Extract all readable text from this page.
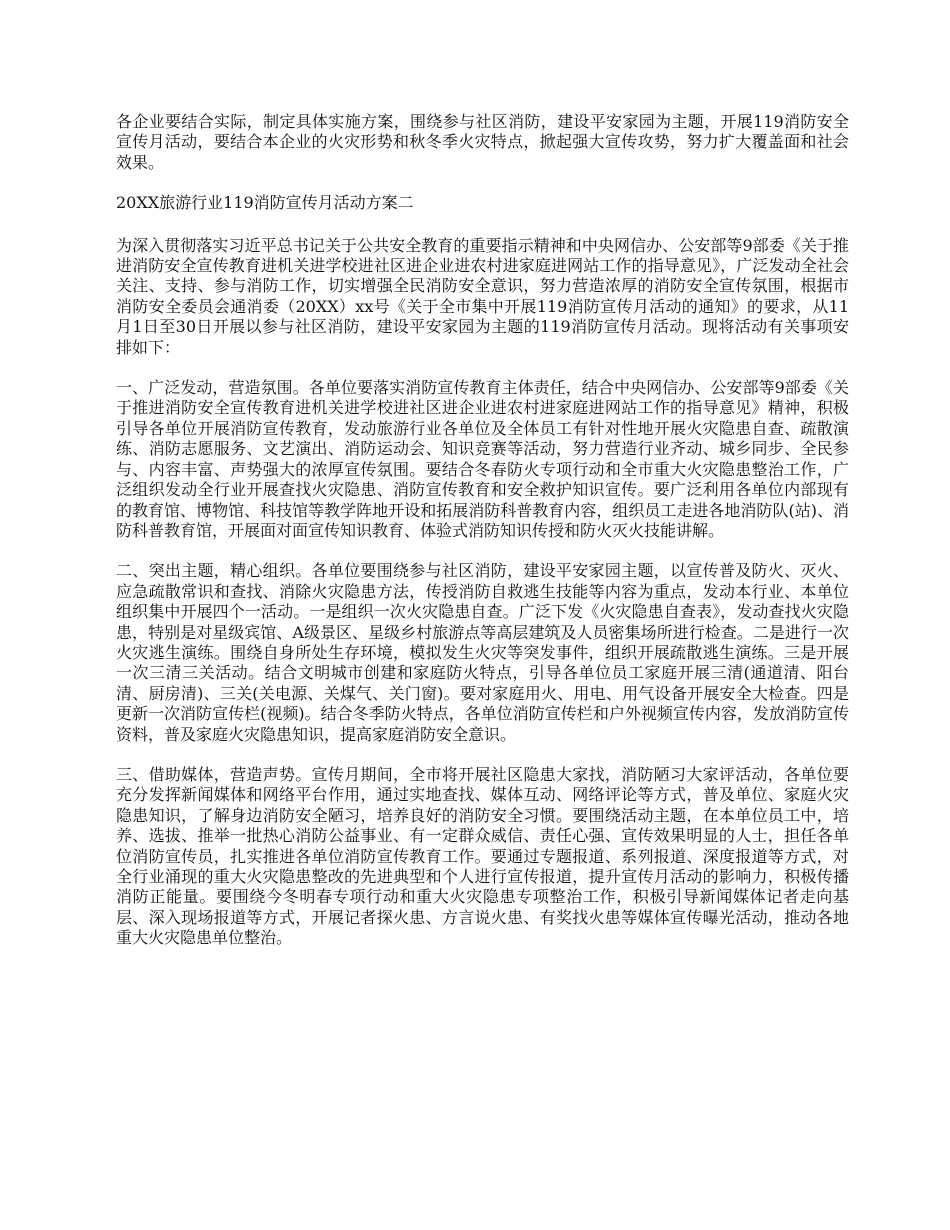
各企业要结合实际，制定具体实施方案，围绕参与社区消防，建设平安家园为主题，开展119消防安全宣传月活动，要结合本企业的火灾形势和秋冬季火灾特点，掀起强大宣传攻势，努力扩大覆盖面和社会效果。

20XX旅游行业119消防宣传月活动方案二

为深入贯彻落实习近平总书记关于公共安全教育的重要指示精神和中央网信办、公安部等9部委《关于推进消防安全宣传教育进机关进学校进社区进企业进农村进家庭进网站工作的指导意见》，广泛发动全社会关注、支持、参与消防工作，切实增强全民消防安全意识，努力营造浓厚的消防安全宣传氛围，根据市消防安全委员会通消委（20XX）xx号《关于全市集中开展119消防宣传月活动的通知》的要求，从11月1日至30日开展以参与社区消防，建设平安家园为主题的119消防宣传月活动。现将活动有关事项安排如下：

一、广泛发动，营造氛围。各单位要落实消防宣传教育主体责任，结合中央网信办、公安部等9部委《关于推进消防安全宣传教育进机关进学校进社区进企业进农村进家庭进网站工作的指导意见》精神，积极引导各单位开展消防宣传教育，发动旅游行业各单位及全体员工有针对性地开展火灾隐患自查、疏散演练、消防志愿服务、文艺演出、消防运动会、知识竞赛等活动，努力营造行业齐动、城乡同步、全民参与、内容丰富、声势强大的浓厚宣传氛围。要结合冬春防火专项行动和全市重大火灾隐患整治工作，广泛组织发动全行业开展查找火灾隐患、消防宣传教育和安全救护知识宣传。要广泛利用各单位内部现有的教育馆、博物馆、科技馆等教学阵地开设和拓展消防科普教育内容，组织员工走进各地消防队(站)、消防科普教育馆，开展面对面宣传知识教育、体验式消防知识传授和防火灭火技能讲解。

二、突出主题，精心组织。各单位要围绕参与社区消防，建设平安家园主题，以宣传普及防火、灭火、应急疏散常识和查找、消除火灾隐患方法，传授消防自救逃生技能等内容为重点，发动本行业、本单位组织集中开展四个一活动。一是组织一次火灾隐患自查。广泛下发《火灾隐患自查表》，发动查找火灾隐患，特别是对星级宾馆、A级景区、星级乡村旅游点等高层建筑及人员密集场所进行检查。二是进行一次火灾逃生演练。围绕自身所处生存环境，模拟发生火灾等突发事件，组织开展疏散逃生演练。三是开展一次三清三关活动。结合文明城市创建和家庭防火特点，引导各单位员工家庭开展三清(通道清、阳台清、厨房清)、三关(关电源、关煤气、关门窗)。要对家庭用火、用电、用气设备开展安全大检查。四是更新一次消防宣传栏(视频)。结合冬季防火特点，各单位消防宣传栏和户外视频宣传内容，发放消防宣传资料，普及家庭火灾隐患知识，提高家庭消防安全意识。

三、借助媒体，营造声势。宣传月期间，全市将开展社区隐患大家找，消防陋习大家评活动，各单位要充分发挥新闻媒体和网络平台作用，通过实地查找、媒体互动、网络评论等方式，普及单位、家庭火灾隐患知识，了解身边消防安全陋习，培养良好的消防安全习惯。要围绕活动主题，在本单位员工中，培养、选拔、推举一批热心消防公益事业、有一定群众威信、责任心强、宣传效果明显的人士，担任各单位消防宣传员，扎实推进各单位消防宣传教育工作。要通过专题报道、系列报道、深度报道等方式，对全行业涌现的重大火灾隐患整改的先进典型和个人进行宣传报道，提升宣传月活动的影响力，积极传播消防正能量。要围绕今冬明春专项行动和重大火灾隐患专项整治工作，积极引导新闻媒体记者走向基层、深入现场报道等方式，开展记者探火患、方言说火患、有奖找火患等媒体宣传曝光活动，推动各地重大火灾隐患单位整治。
